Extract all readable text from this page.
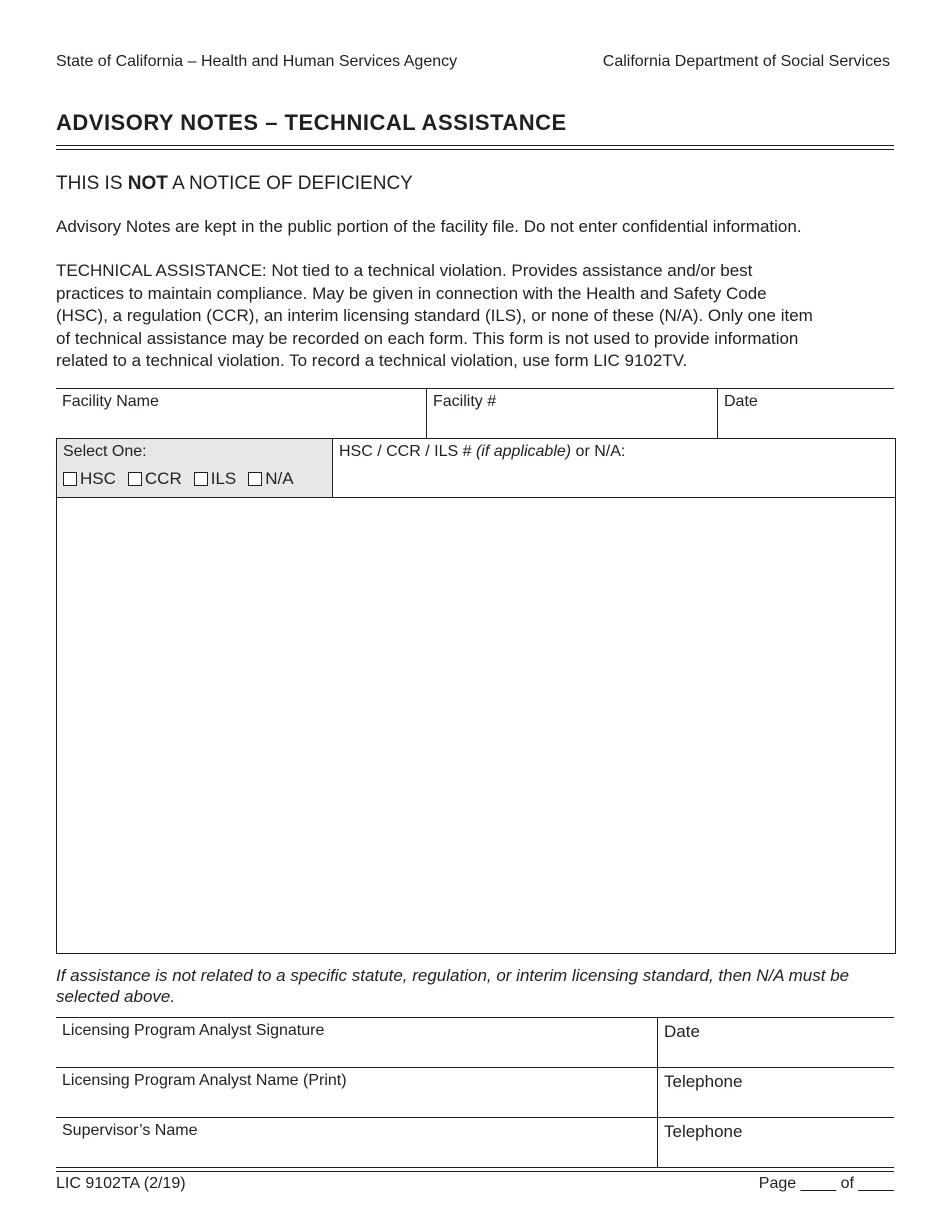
State of California – Health and Human Services Agency	California Department of Social Services
ADVISORY NOTES – TECHNICAL ASSISTANCE
THIS IS NOT A NOTICE OF DEFICIENCY
Advisory Notes are kept in the public portion of the facility file. Do not enter confidential information.
TECHNICAL ASSISTANCE: Not tied to a technical violation. Provides assistance and/or best
practices to maintain compliance. May be given in connection with the Health and Safety Code
(HSC), a regulation (CCR), an interim licensing standard (ILS), or none of these (N/A). Only one item
of technical assistance may be recorded on each form. This form is not used to provide information
related to a technical violation. To record a technical violation, use form LIC 9102TV.
Facility Name	Facility #	Date
Select One:
HSC CCR ILS N/A
HSC / CCR / ILS # (if applicable) or N/A:
If assistance is not related to a specific statute, regulation, or interim licensing standard, then N/A must be selected above.
Licensing Program Analyst Signature	Date
Licensing Program Analyst Name (Print)	Telephone
Supervisor’s Name	Telephone
LIC 9102TA (2/19)	Page ____ of ____
